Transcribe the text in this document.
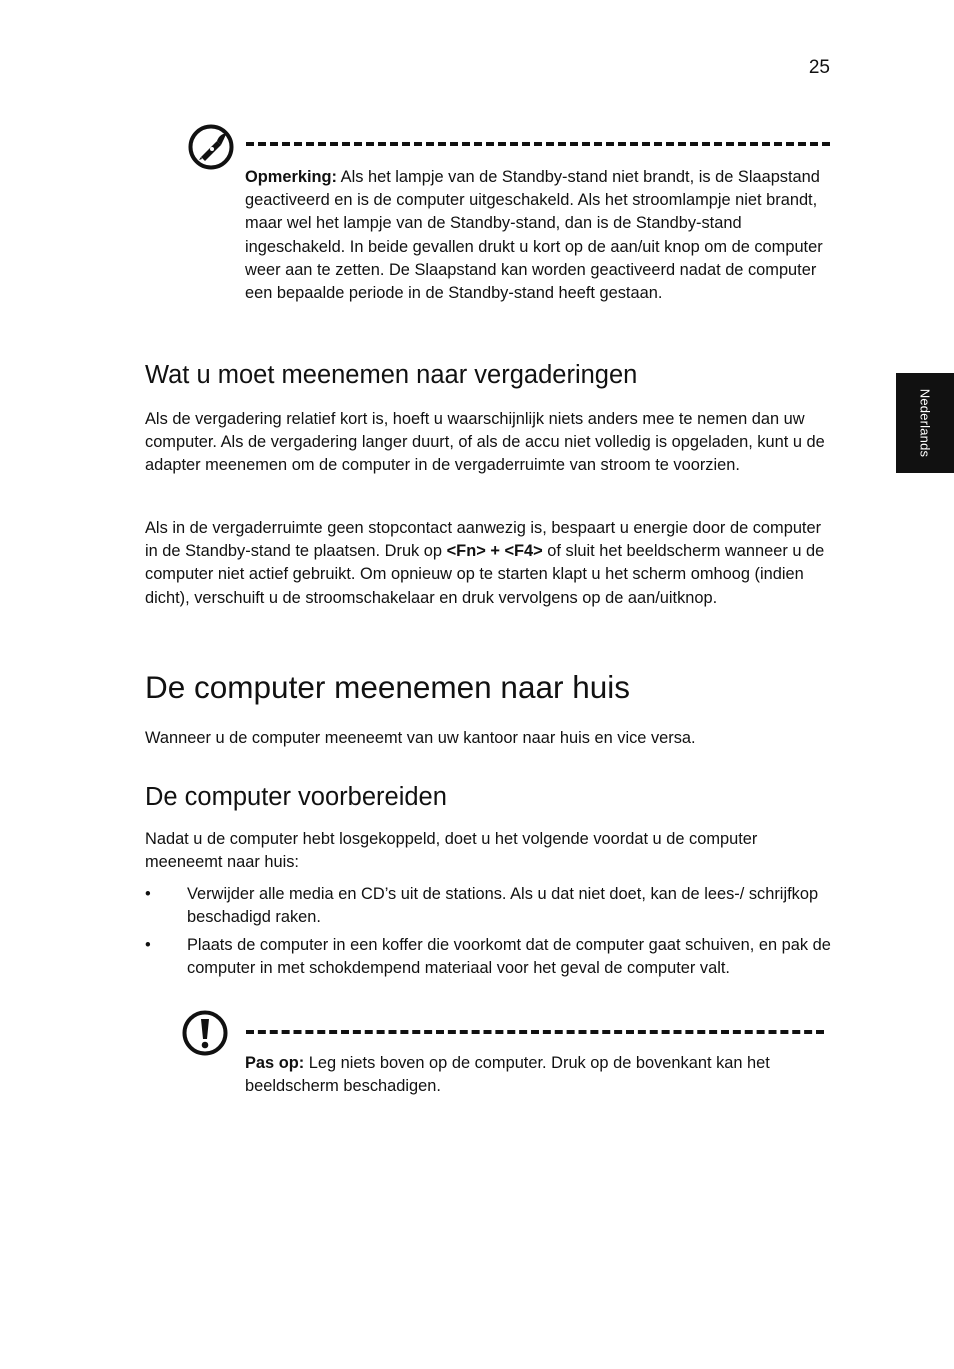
25
Nederlands
Opmerking: Als het lampje van de Standby-stand niet brandt, is de Slaapstand geactiveerd en is de computer uitgeschakeld. Als het stroomlampje niet brandt, maar wel het lampje van de Standby-stand, dan is de Standby-stand ingeschakeld. In beide gevallen drukt u kort op de aan/uit knop om de computer weer aan te zetten. De Slaapstand kan worden geactiveerd nadat de computer een bepaalde periode in de Standby-stand heeft gestaan.
Wat u moet meenemen naar vergaderingen

Als de vergadering relatief kort is, hoeft u waarschijnlijk niets anders mee te nemen dan uw computer. Als de vergadering langer duurt, of als de accu niet volledig is opgeladen, kunt u de adapter meenemen om de computer in de vergaderruimte van stroom te voorzien.

Als in de vergaderruimte geen stopcontact aanwezig is, bespaart u energie door de computer in de Standby-stand te plaatsen. Druk op <Fn> + <F4> of sluit het beeldscherm wanneer u de computer niet actief gebruikt. Om opnieuw op te starten klapt u het scherm omhoog (indien dicht), verschuift u de stroomschakelaar en druk vervolgens op de aan/uitknop.

De computer meenemen naar huis

Wanneer u de computer meeneemt van uw kantoor naar huis en vice versa.

De computer voorbereiden

Nadat u de computer hebt losgekoppeld, doet u het volgende voordat u de computer meeneemt naar huis:

• Verwijder alle media en CD’s uit de stations. Als u dat niet doet, kan de lees-/ schrijfkop beschadigd raken.
• Plaats de computer in een koffer die voorkomt dat de computer gaat schuiven, en pak de computer in met schokdempend materiaal voor het geval de computer valt.
Pas op: Leg niets boven op de computer. Druk op de bovenkant kan het beeldscherm beschadigen.
